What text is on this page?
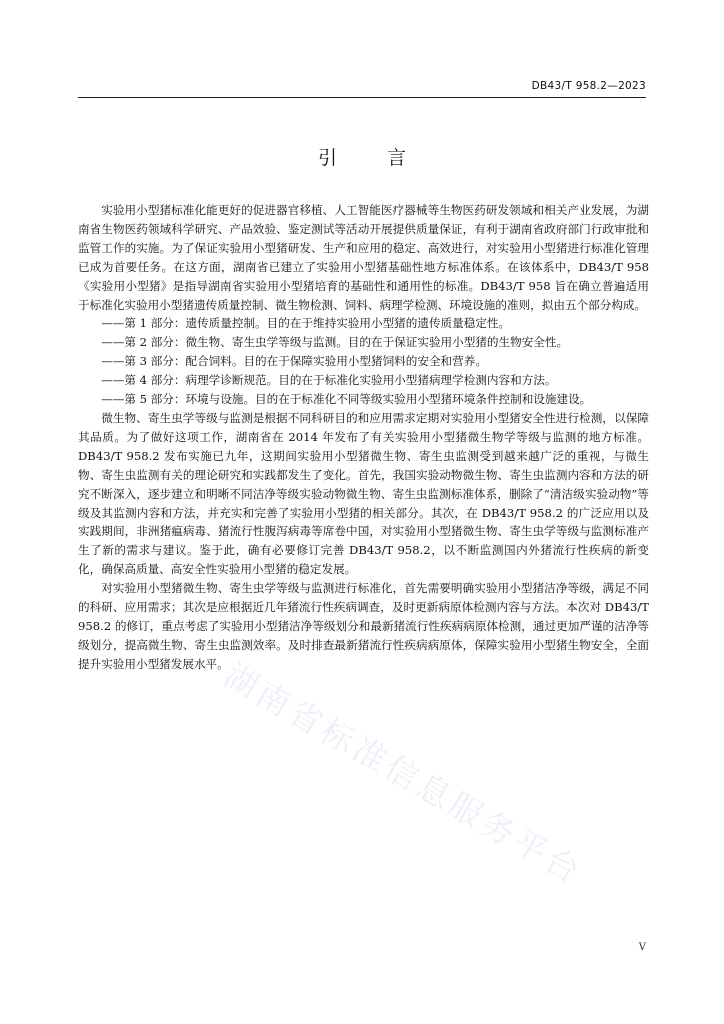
DB43/T 958.2—2023
引 言

实验用小型猪标准化能更好的促进器官移植、人工智能医疗器械等生物医药研发领域和相关产业发展，为湖南省生物医药领域科学研究、产品效验、鉴定测试等活动开展提供质量保证，有利于湖南省政府部门行政审批和监管工作的实施。为了保证实验用小型猪研发、生产和应用的稳定、高效进行，对实验用小型猪进行标准化管理已成为首要任务。在这方面，湖南省已建立了实验用小型猪基础性地方标准体系。在该体系中，DB43/T 958《实验用小型猪》是指导湖南省实验用小型猪培育的基础性和通用性的标准。DB43/T 958 旨在确立普遍适用于标准化实验用小型猪遗传质量控制、微生物检测、饲料、病理学检测、环境设施的准则，拟由五个部分构成。

——第 1 部分：遗传质量控制。目的在于维持实验用小型猪的遗传质量稳定性。

——第 2 部分：微生物、寄生虫学等级与监测。目的在于保证实验用小型猪的生物安全性。

——第 3 部分：配合饲料。目的在于保障实验用小型猪饲料的安全和营养。

——第 4 部分：病理学诊断规范。目的在于标准化实验用小型猪病理学检测内容和方法。

——第 5 部分：环境与设施。目的在于标准化不同等级实验用小型猪环境条件控制和设施建设。

微生物、寄生虫学等级与监测是根据不同科研目的和应用需求定期对实验用小型猪安全性进行检测，以保障其品质。为了做好这项工作，湖南省在 2014 年发布了有关实验用小型猪微生物学等级与监测的地方标准。DB43/T 958.2 发布实施已九年，这期间实验用小型猪微生物、寄生虫监测受到越来越广泛的重视，与微生物、寄生虫监测有关的理论研究和实践都发生了变化。首先，我国实验动物微生物、寄生虫监测内容和方法的研究不断深入，逐步建立和明晰不同洁净等级实验动物微生物、寄生虫监测标准体系，删除了“清洁级实验动物”等级及其监测内容和方法，并充实和完善了实验用小型猪的相关部分。其次，在 DB43/T 958.2 的广泛应用以及实践期间，非洲猪瘟病毒、猪流行性腹泻病毒等席卷中国，对实验用小型猪微生物、寄生虫学等级与监测标准产生了新的需求与建议。鉴于此，确有必要修订完善 DB43/T 958.2，以不断监测国内外猪流行性疾病的新变化，确保高质量、高安全性实验用小型猪的稳定发展。

对实验用小型猪微生物、寄生虫学等级与监测进行标准化，首先需要明确实验用小型猪洁净等级，满足不同的科研、应用需求；其次是应根据近几年猪流行性疾病调查，及时更新病原体检测内容与方法。本次对 DB43/T 958.2 的修订，重点考虑了实验用小型猪洁净等级划分和最新猪流行性疾病病原体检测，通过更加严谨的洁净等级划分，提高微生物、寄生虫监测效率。及时排查最新猪流行性疾病病原体，保障实验用小型猪生物安全，全面提升实验用小型猪发展水平。

湖南省标准信息服务平台
V
